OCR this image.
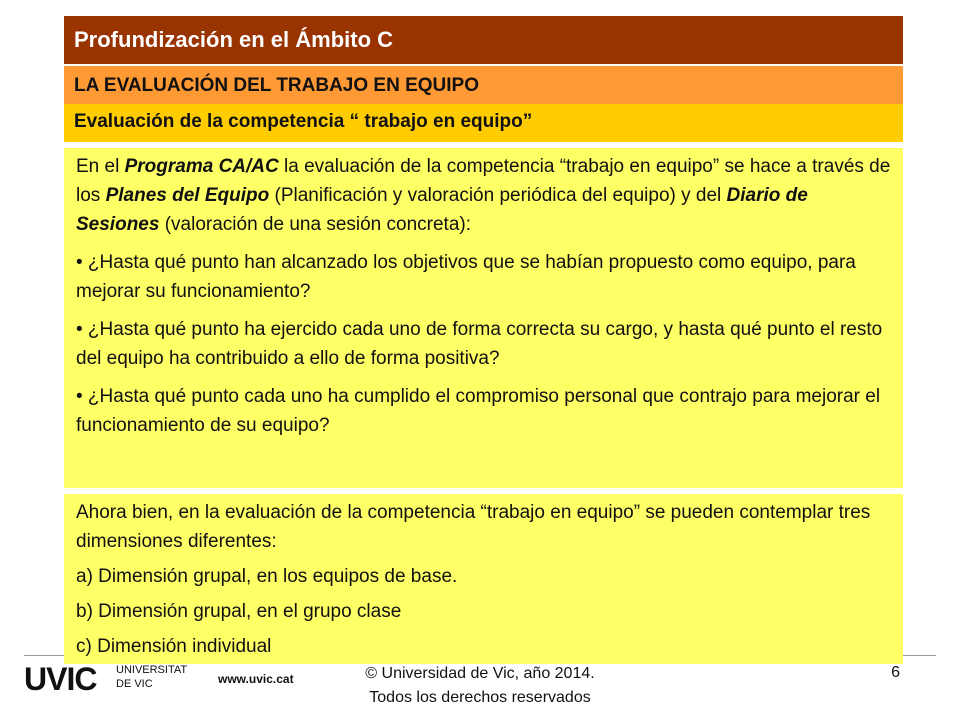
Profundización en el Ámbito C
LA EVALUACIÓN DEL TRABAJO EN EQUIPO
Evaluación de la competencia “ trabajo en equipo”

En el Programa CA/AC la evaluación de la competencia “trabajo en equipo” se hace a través de los Planes del Equipo (Planificación y valoración periódica del equipo) y del Diario de Sesiones (valoración de una sesión concreta):

• ¿Hasta qué punto han alcanzado los objetivos que se habían propuesto como equipo, para mejorar su funcionamiento?

• ¿Hasta qué punto ha ejercido cada uno de forma correcta su cargo, y hasta qué punto el resto del equipo ha contribuido a ello de forma positiva?

• ¿Hasta qué punto cada uno ha cumplido el compromiso personal que contrajo para mejorar el funcionamiento de su equipo?

Ahora bien, en la evaluación de la competencia “trabajo en equipo” se pueden contemplar tres dimensiones diferentes:

a) Dimensión grupal, en los equipos de base.

b) Dimensión grupal, en el grupo clase

c) Dimensión individual

UVIC UNIVERSITAT
DE VIC	www.uvic.cat	© Universidad de Vic, año 2014.
Todos los derechos reservados
6
